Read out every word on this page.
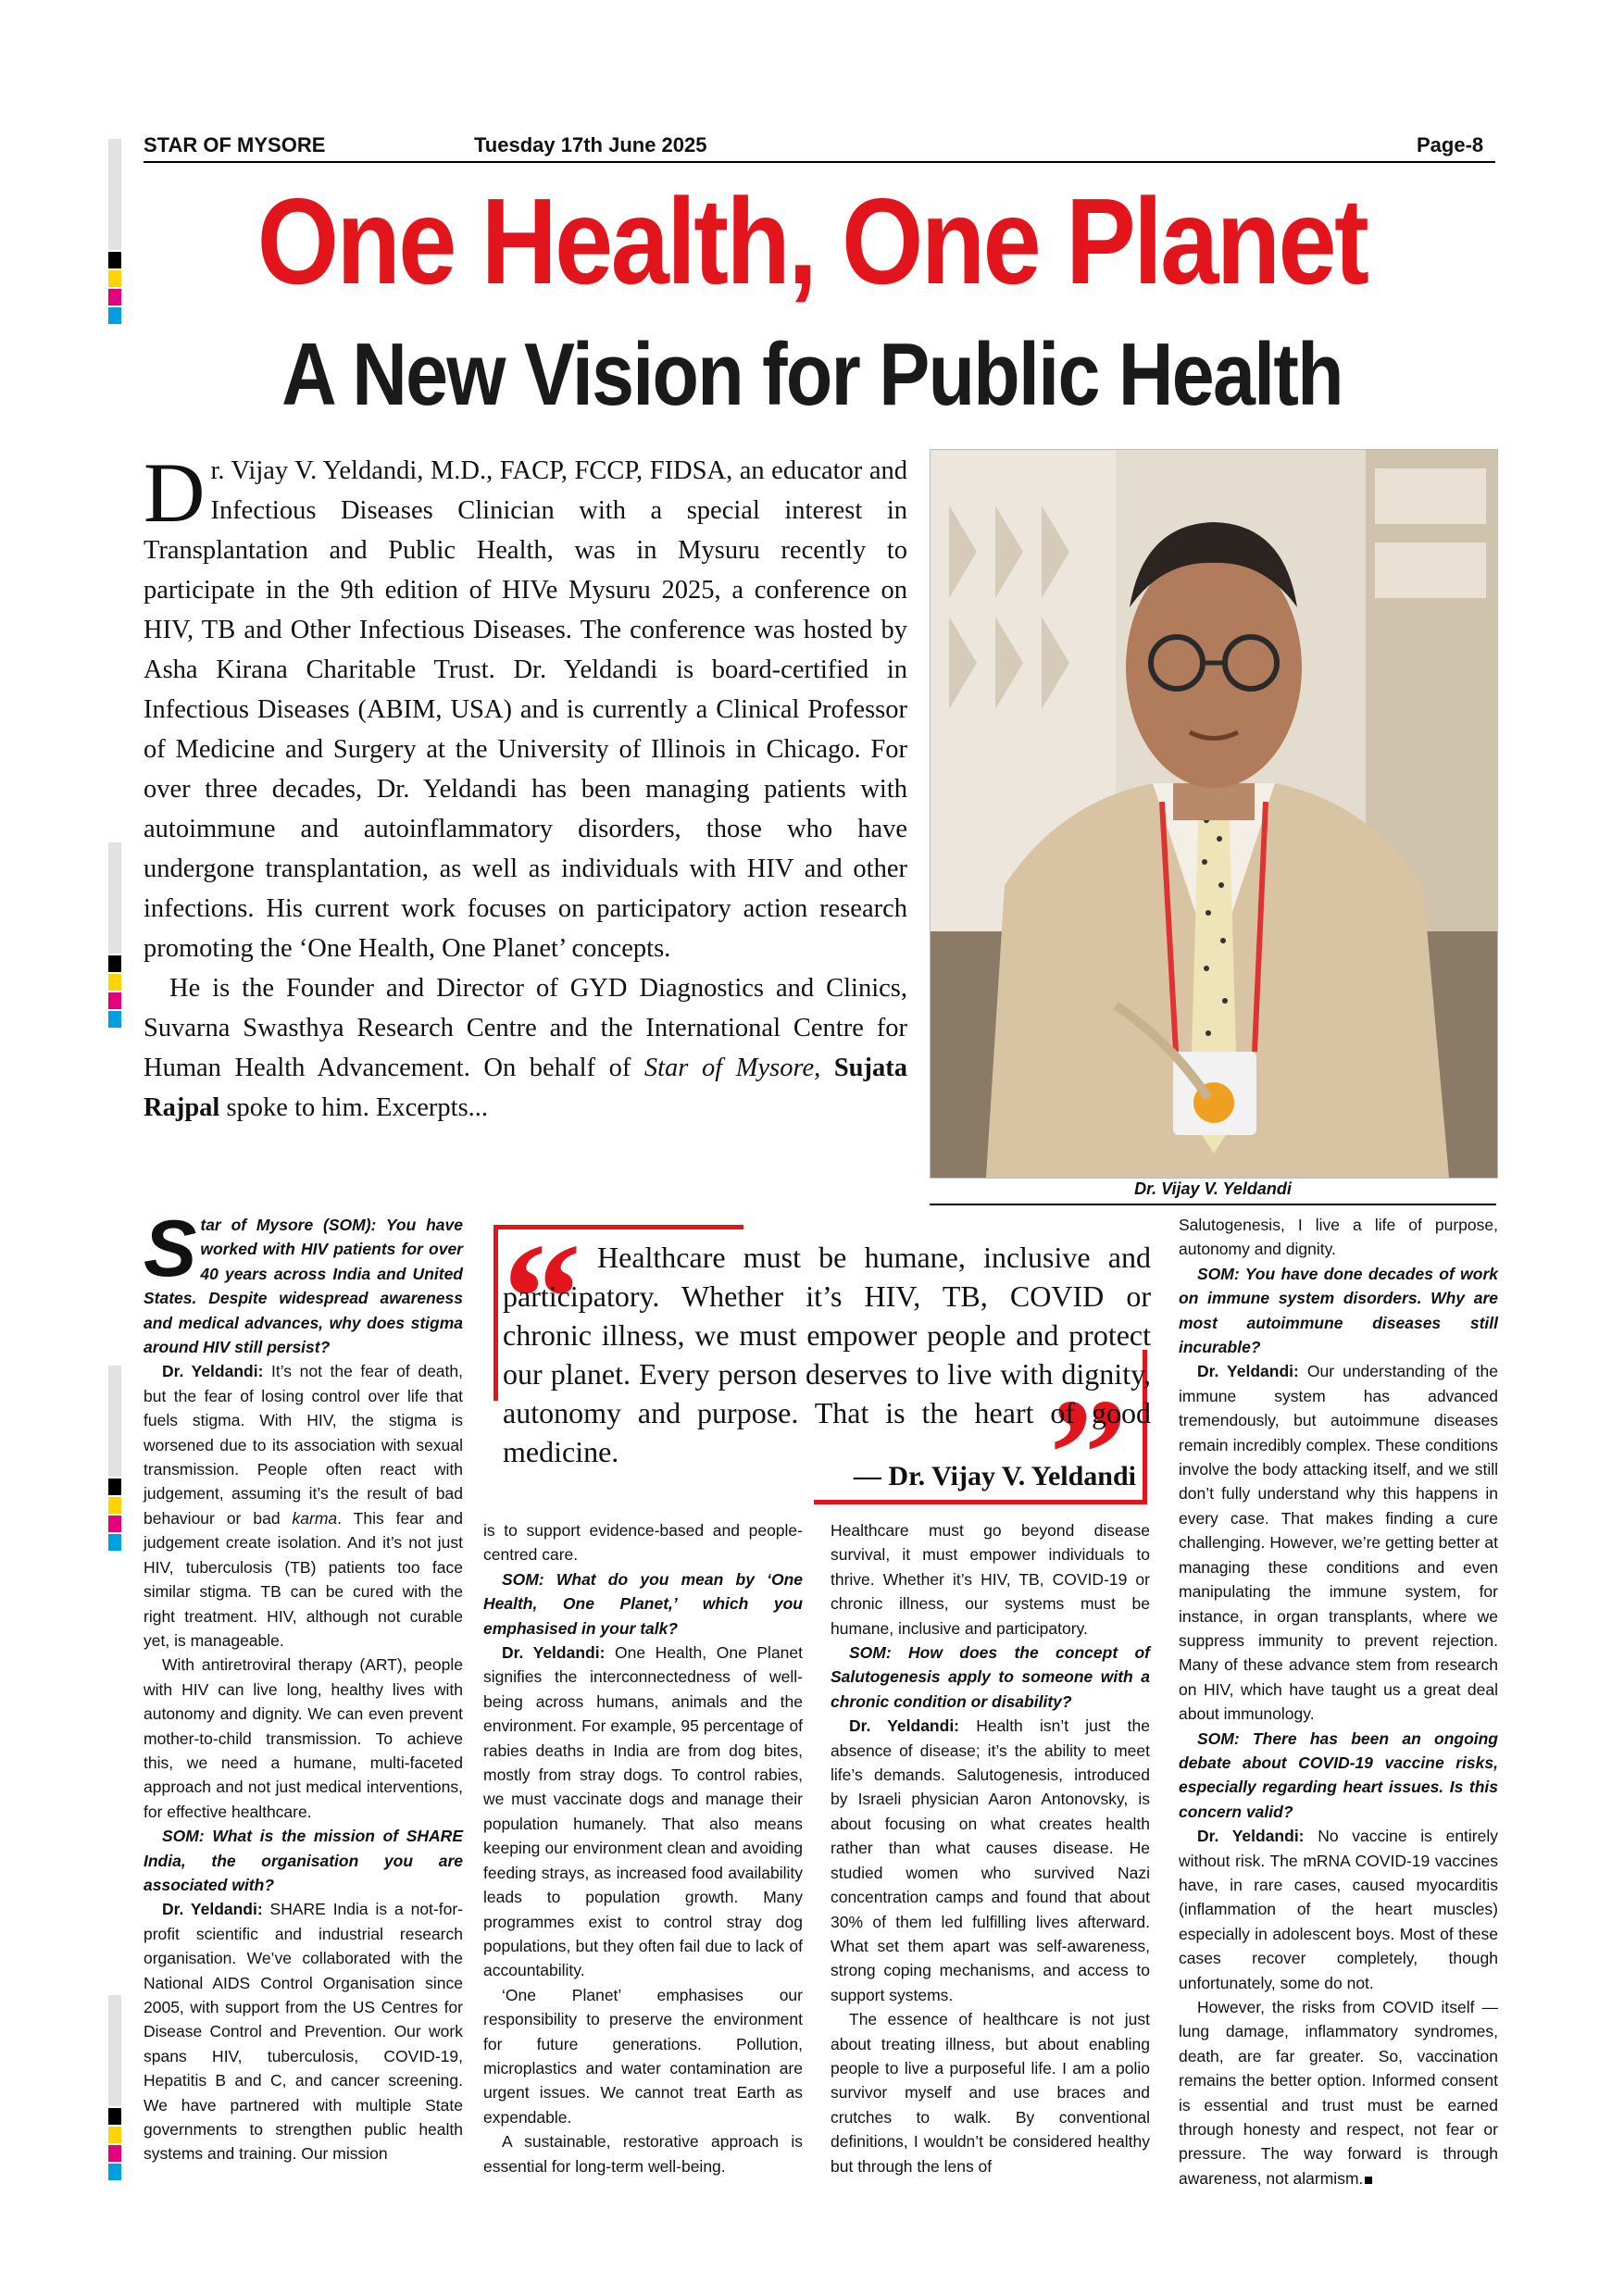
STAR OF MYSORE	Tuesday 17th June 2025	Page-8
One Health, One Planet
A New Vision for Public Health

Dr. Vijay V. Yeldandi, M.D., FACP, FCCP, FIDSA, an educator and Infectious Diseases Clinician with a special interest in Transplantation and Public Health, was in Mysuru recently to participate in the 9th edition of HIVe Mysuru 2025, a conference on HIV, TB and Other Infectious Diseases. The conference was hosted by Asha Kirana Charitable Trust. Dr. Yeldandi is board-certified in Infectious Diseases (ABIM, USA) and is currently a Clinical Professor of Medicine and Surgery at the University of Illinois in Chicago. For over three decades, Dr. Yeldandi has been managing patients with autoimmune and autoinflammatory disorders, those who have undergone transplantation, as well as individuals with HIV and other infections. His current work focuses on participatory action research promoting the ‘One Health, One Planet’ concepts.

He is the Founder and Director of GYD Diagnostics and Clinics, Suvarna Swasthya Research Centre and the International Centre for Human Health Advancement. On behalf of Star of Mysore, Sujata Rajpal spoke to him. Excerpts...

Dr. Vijay V. Yeldandi
“
”
Healthcare must be humane, inclusive and participatory. Whether it’s HIV, TB, COVID or chronic illness, we must empower people and protect our planet. Every person deserves to live with dignity, autonomy and purpose. That is the heart of good medicine.
— Dr. Vijay V. Yeldandi

Star of Mysore (SOM): You have worked with HIV patients for over 40 years across India and United States. Despite widespread awareness and medical advances, why does stigma around HIV still persist?

Dr. Yeldandi: It’s not the fear of death, but the fear of losing control over life that fuels stigma. With HIV, the stigma is worsened due to its association with sexual transmission. People often react with judgement, assuming it’s the result of bad behaviour or bad karma. This fear and judgement create isolation. And it’s not just HIV, tuberculosis (TB) patients too face similar stigma. TB can be cured with the right treatment. HIV, although not curable yet, is manageable.

With antiretroviral therapy (ART), people with HIV can live long, healthy lives with autonomy and dignity. We can even prevent mother-to-child transmission. To achieve this, we need a humane, multi-faceted approach and not just medical interventions, for effective healthcare.

SOM: What is the mission of SHARE India, the organisation you are associated with?

Dr. Yeldandi: SHARE India is a not-for-profit scientific and industrial research organisation. We’ve collaborated with the National AIDS Control Organisation since 2005, with support from the US Centres for Disease Control and Prevention. Our work spans HIV, tuberculosis, COVID-19, Hepatitis B and C, and cancer screening. We have partnered with multiple State governments to strengthen public health systems and training. Our mission

is to support evidence-based and people-centred care.

SOM: What do you mean by ‘One Health, One Planet,’ which you emphasised in your talk?

Dr. Yeldandi: One Health, One Planet signifies the interconnectedness of well-being across humans, animals and the environment. For example, 95 percentage of rabies deaths in India are from dog bites, mostly from stray dogs. To control rabies, we must vaccinate dogs and manage their population humanely. That also means keeping our environment clean and avoiding feeding strays, as increased food availability leads to population growth. Many programmes exist to control stray dog populations, but they often fail due to lack of accountability.

‘One Planet’ emphasises our responsibility to preserve the environment for future generations. Pollution, microplastics and water contamination are urgent issues. We cannot treat Earth as expendable.

A sustainable, restorative approach is essential for long-term well-being.

Healthcare must go beyond disease survival, it must empower individuals to thrive. Whether it’s HIV, TB, COVID-19 or chronic illness, our systems must be humane, inclusive and participatory.

SOM: How does the concept of Salutogenesis apply to someone with a chronic condition or disability?

Dr. Yeldandi: Health isn’t just the absence of disease; it’s the ability to meet life’s demands. Salutogenesis, introduced by Israeli physician Aaron Antonovsky, is about focusing on what creates health rather than what causes disease. He studied women who survived Nazi concentration camps and found that about 30% of them led fulfilling lives afterward. What set them apart was self-awareness, strong coping mechanisms, and access to support systems.

The essence of healthcare is not just about treating illness, but about enabling people to live a purposeful life. I am a polio survivor myself and use braces and crutches to walk. By conventional definitions, I wouldn’t be considered healthy but through the lens of

Salutogenesis, I live a life of purpose, autonomy and dignity.

SOM: You have done decades of work on immune system disorders. Why are most autoimmune diseases still incurable?

Dr. Yeldandi: Our understanding of the immune system has advanced tremendously, but autoimmune diseases remain incredibly complex. These conditions involve the body attacking itself, and we still don’t fully understand why this happens in every case. That makes finding a cure challenging. However, we’re getting better at managing these conditions and even manipulating the immune system, for instance, in organ transplants, where we suppress immunity to prevent rejection. Many of these advance stem from research on HIV, which have taught us a great deal about immunology.

SOM: There has been an ongoing debate about COVID-19 vaccine risks, especially regarding heart issues. Is this concern valid?

Dr. Yeldandi: No vaccine is entirely without risk. The mRNA COVID-19 vaccines have, in rare cases, caused myocarditis (inflammation of the heart muscles) especially in adolescent boys. Most of these cases recover completely, though unfortunately, some do not.

However, the risks from COVID itself — lung damage, inflammatory syndromes, death, are far greater. So, vaccination remains the better option. Informed consent is essential and trust must be earned through honesty and respect, not fear or pressure. The way forward is through awareness, not alarmism.
